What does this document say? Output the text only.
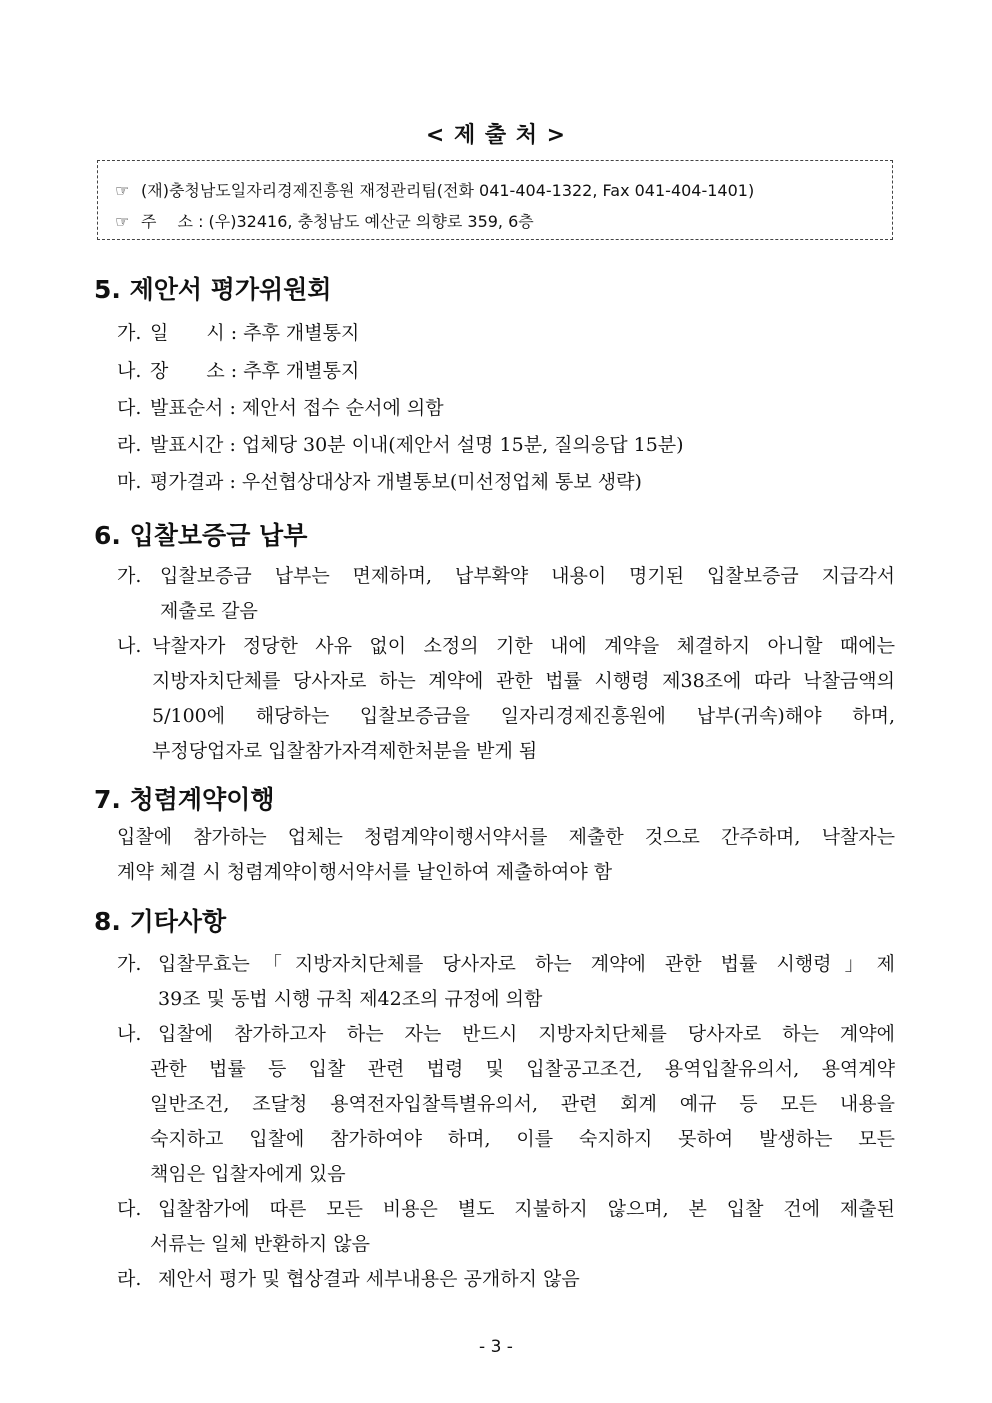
< 제 출 처 >
☞ (재)충청남도일자리경제진흥원 재정관리팀(전화 041-404-1322, Fax 041-404-1401)
☞ 주　 소 : (우)32416, 충청남도 예산군 의향로 359, 6층
5. 제안서 평가위원회
가. 일　　시 : 추후 개별통지
나. 장　　소 : 추후 개별통지
다. 발표순서 : 제안서 접수 순서에 의함
라. 발표시간 : 업체당 30분 이내(제안서 설명 15분, 질의응답 15분)
마. 평가결과 : 우선협상대상자 개별통보(미선정업체 통보 생략)
6. 입찰보증금 납부
가. 입찰보증금 납부는 면제하며, 납부확약 내용이 명기된 입찰보증금 지급각서
제출로 갈음
나. 낙찰자가 정당한 사유 없이 소정의 기한 내에 계약을 체결하지 아니할 때에는
지방자치단체를 당사자로 하는 계약에 관한 법률 시행령 제38조에 따라 낙찰금액의
5/100에 해당하는 입찰보증금을 일자리경제진흥원에 납부(귀속)해야 하며,
부정당업자로 입찰참가자격제한처분을 받게 됨
7. 청렴계약이행
입찰에 참가하는 업체는 청렴계약이행서약서를 제출한 것으로 간주하며, 낙찰자는
계약 체결 시 청렴계약이행서약서를 날인하여 제출하여야 함
8. 기타사항
가. 입찰무효는「지방자치단체를 당사자로 하는 계약에 관한 법률 시행령」제
39조 및 동법 시행 규칙 제42조의 규정에 의함
나. 입찰에 참가하고자 하는 자는 반드시 지방자치단체를 당사자로 하는 계약에
관한 법률 등 입찰 관련 법령 및 입찰공고조건, 용역입찰유의서, 용역계약
일반조건, 조달청 용역전자입찰특별유의서, 관련 회계 예규 등 모든 내용을
숙지하고 입찰에 참가하여야 하며, 이를 숙지하지 못하여 발생하는 모든
책임은 입찰자에게 있음
다. 입찰참가에 따른 모든 비용은 별도 지불하지 않으며, 본 입찰 건에 제출된
서류는 일체 반환하지 않음
라. 제안서 평가 및 협상결과 세부내용은 공개하지 않음
- 3 -
